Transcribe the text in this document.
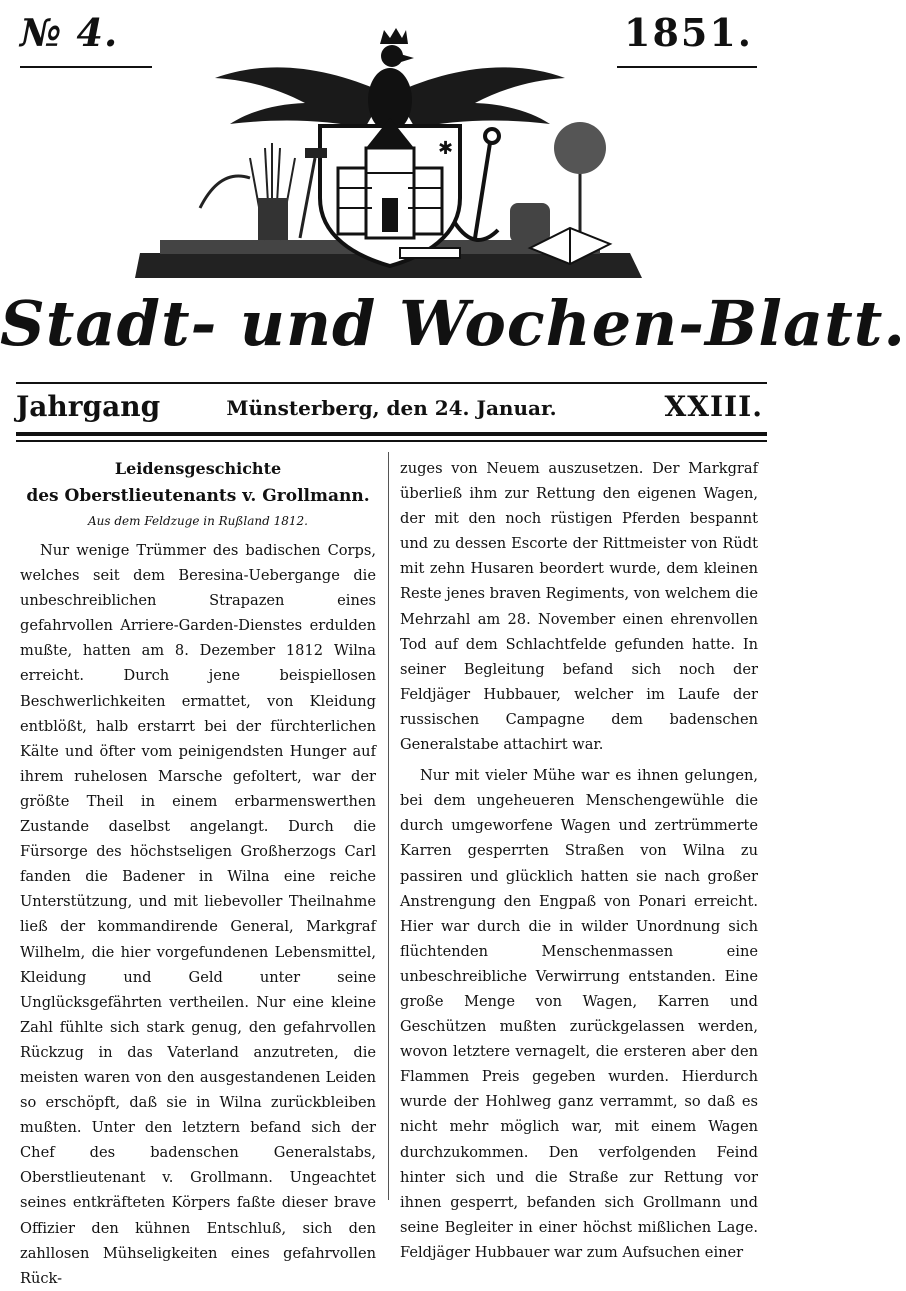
№ 4.	1851.
✱
Stadt- und Wochen-Blatt.
Jahrgang	Münsterberg, den 24. Januar.	XXIII.

Leidensgeschichte

des Oberstlieutenants v. Grollmann.

Aus dem Feldzuge in Rußland 1812.

Nur wenige Trümmer des badischen Corps, welches seit dem Beresina-Uebergange die unbeschreiblichen Strapazen eines gefahrvollen Arriere-Garden-Dienstes erdulden mußte, hatten am 8. Dezember 1812 Wilna erreicht. Durch jene beispiellosen Beschwerlichkeiten ermattet, von Kleidung entblößt, halb erstarrt bei der fürchterlichen Kälte und öfter vom peinigendsten Hunger auf ihrem ruhelosen Marsche gefoltert, war der größte Theil in einem erbarmenswerthen Zustande daselbst angelangt. Durch die Fürsorge des höchstseligen Großherzogs Carl fanden die Badener in Wilna eine reiche Unterstützung, und mit liebevoller Theilnahme ließ der kommandirende General, Markgraf Wilhelm, die hier vorgefundenen Lebensmittel, Kleidung und Geld unter seine Unglücksgefährten vertheilen. Nur eine kleine Zahl fühlte sich stark genug, den gefahrvollen Rückzug in das Vaterland anzutreten, die meisten waren von den ausgestandenen Leiden so erschöpft, daß sie in Wilna zurückbleiben mußten. Unter den letztern befand sich der Chef des badenschen Generalstabs, Oberstlieutenant v. Grollmann. Ungeachtet seines entkräfteten Körpers faßte dieser brave Offizier den kühnen Entschluß, sich den zahllosen Mühseligkeiten eines gefahrvollen Rück-

zuges von Neuem auszusetzen. Der Markgraf überließ ihm zur Rettung den eigenen Wagen, der mit den noch rüstigen Pferden bespannt und zu dessen Escorte der Rittmeister von Rüdt mit zehn Husaren beordert wurde, dem kleinen Reste jenes braven Regiments, von welchem die Mehrzahl am 28. November einen ehrenvollen Tod auf dem Schlachtfelde gefunden hatte. In seiner Begleitung befand sich noch der Feldjäger Hubbauer, welcher im Laufe der russischen Campagne dem badenschen Generalstabe attachirt war.

Nur mit vieler Mühe war es ihnen gelungen, bei dem ungeheueren Menschengewühle die durch umgeworfene Wagen und zertrümmerte Karren gesperrten Straßen von Wilna zu passiren und glücklich hatten sie nach großer Anstrengung den Engpaß von Ponari erreicht. Hier war durch die in wilder Unordnung sich flüchtenden Menschenmassen eine unbeschreibliche Verwirrung entstanden. Eine große Menge von Wagen, Karren und Geschützen mußten zurückgelassen werden, wovon letztere vernagelt, die ersteren aber den Flammen Preis gegeben wurden. Hierdurch wurde der Hohlweg ganz verrammt, so daß es nicht mehr möglich war, mit einem Wagen durchzukommen. Den verfolgenden Feind hinter sich und die Straße zur Rettung vor ihnen gesperrt, befanden sich Grollmann und seine Begleiter in einer höchst mißlichen Lage. Feldjäger Hubbauer war zum Aufsuchen einer
